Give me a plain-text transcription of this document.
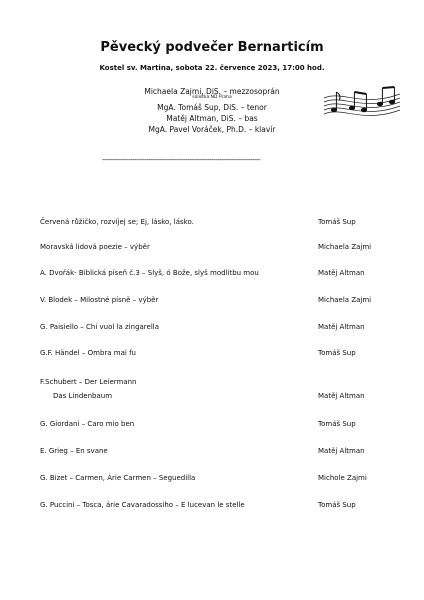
Pěvecký podvečer Bernarticím
Kostel sv. Martina, sobota 22. července 2023, 17:00 hod.
Michaela Zajmi, DiS. – mezzosoprán
sólistka ND Praha
MgA. Tomáš Sup, DiS. – tenor
Matěj Altman, DiS. – bas
MgA. Pavel Voráček, Ph.D. – klavír
------------------------------------------------------------------------------
Červená růžičko, rozvíjej se; Ej, lásko, lásko.	Tomáš Sup
Moravská lidová poezie – výběr	Michaela Zajmi
A. Dvořák- Biblická píseň č.3 – Slyš, ó Bože, slyš modlitbu mou	Matěj Altman
V. Blodek – Milostné písně – výběr	Michaela Zajmi
G. Paisiello – Chi vuol la zingarella	Matěj Altman
G.F. Händel – Ombra mai fu	Tomáš Sup
F.Schubert – Der Leiermann
Das Lindenbaum	Matěj Altman
G. Giordani – Caro mio ben	Tomáš Sup
E. Grieg – En svane	Matěj Altman
G. Bizet – Carmen, Árie Carmen – Seguedilla	Michole Zajmi
G. Puccini – Tosca, árie Cavaradossiho – E lucevan le stelle	Tomáš Sup
